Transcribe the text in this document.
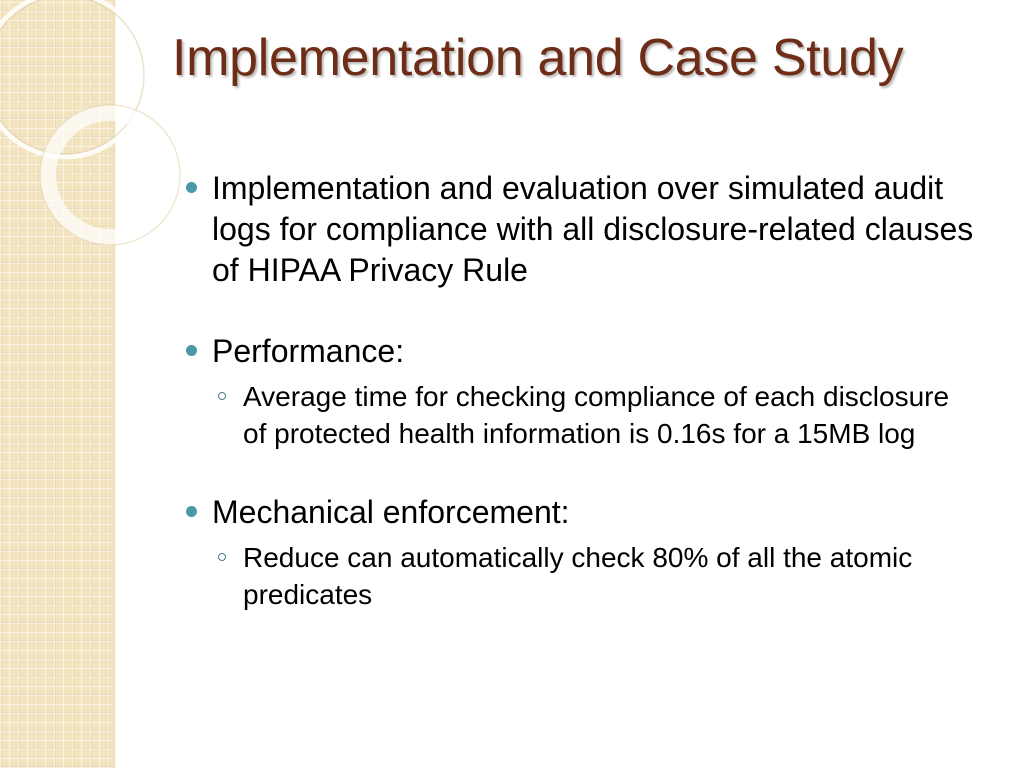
Implementation and Case Study
Implementation and evaluation over simulated audit logs for compliance with all disclosure-related clauses of HIPAA Privacy Rule
Performance:
Average time for checking compliance of each disclosure of protected health information is 0.16s for a 15MB log
Mechanical enforcement:
Reduce can automatically check 80% of all the atomic predicates
